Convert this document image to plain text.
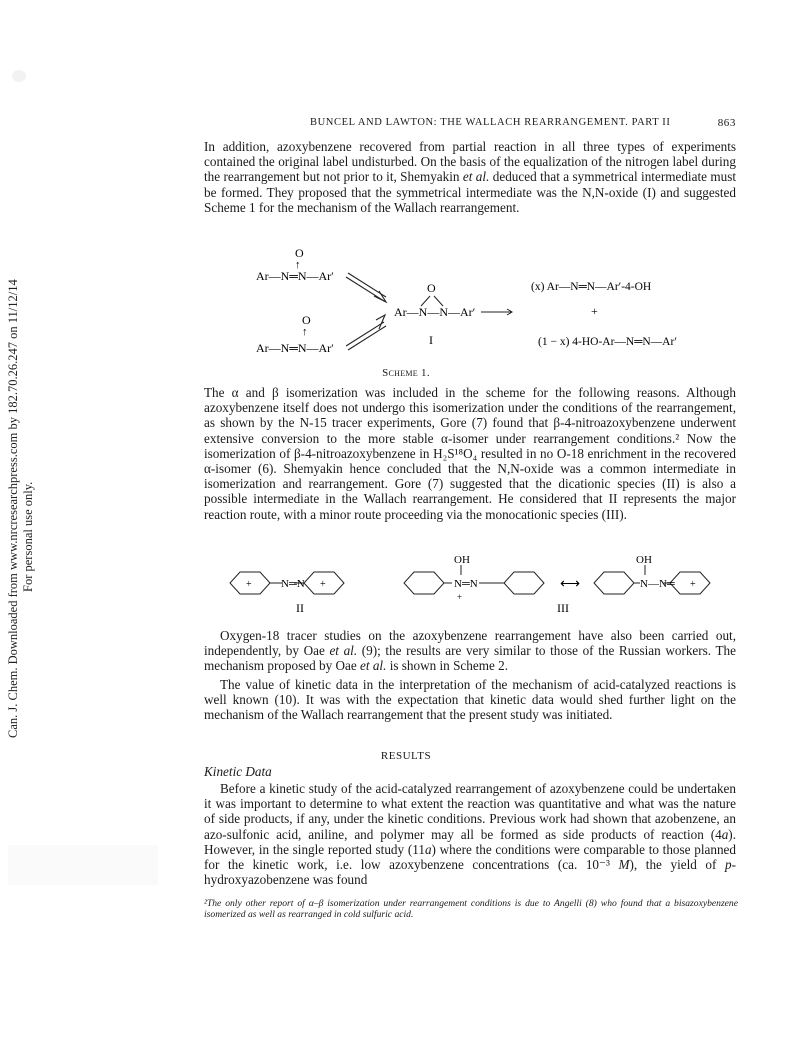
Can. J. Chem. Downloaded from www.nrcresearchpress.com by 182.70.26.247 on 11/12/14 For personal use only.
BUNCEL AND LAWTON: THE WALLACH REARRANGEMENT. PART II	863

In addition, azoxybenzene recovered from partial reaction in all three types of experiments contained the original label undisturbed. On the basis of the equalization of the nitrogen label during the rearrangement but not prior to it, Shemyakin et al. deduced that a symmetrical intermediate must be formed. They proposed that the symmetrical intermediate was the N,N-oxide (I) and suggested Scheme 1 for the mechanism of the Wallach rearrangement.

O
↑
Ar—N═N—Ar′
O
↑
Ar—N═N—Ar′
O
Ar—N—N—Ar′
I
(x) Ar—N═N—Ar′-4-OH
+
(1 − x) 4-HO-Ar—N═N—Ar′
Scheme 1.

The α and β isomerization was included in the scheme for the following reasons. Although azoxybenzene itself does not undergo this isomerization under the conditions of the rearrangement, as shown by the N-15 tracer experiments, Gore (7) found that β-4-nitroazoxybenzene underwent extensive conversion to the more stable α-isomer under rearrangement conditions.² Now the isomerization of β-4-nitroazoxybenzene in H₂S¹⁸O₄ resulted in no O-18 enrichment in the recovered α-isomer (6). Shemyakin hence concluded that the N,N-oxide was a common intermediate in isomerization and rearrangement. Gore (7) suggested that the dicationic species (II) is also a possible intermediate in the Wallach rearrangement. He considered that II represents the major reaction route, with a minor route proceeding via the monocationic species (III).

+	+
N═N
II
OH
N═N
+
⟷
OH
N—N═ +
III

Oxygen-18 tracer studies on the azoxybenzene rearrangement have also been carried out, independently, by Oae et al. (9); the results are very similar to those of the Russian workers. The mechanism proposed by Oae et al. is shown in Scheme 2.

The value of kinetic data in the interpretation of the mechanism of acid-catalyzed reactions is well known (10). It was with the expectation that kinetic data would shed further light on the mechanism of the Wallach rearrangement that the present study was initiated.

RESULTS
Kinetic Data

Before a kinetic study of the acid-catalyzed rearrangement of azoxybenzene could be undertaken it was important to determine to what extent the reaction was quantitative and what was the nature of side products, if any, under the kinetic conditions. Previous work had shown that azobenzene, an azo-sulfonic acid, aniline, and polymer may all be formed as side products of reaction (4a). However, in the single reported study (11a) where the conditions were comparable to those planned for the kinetic work, i.e. low azoxybenzene concentrations (ca. 10⁻³ M), the yield of p-hydroxyazobenzene was found

²The only other report of α–β isomerization under rearrangement conditions is due to Angelli (8) who found that a bisazoxybenzene isomerized as well as rearranged in cold sulfuric acid.
